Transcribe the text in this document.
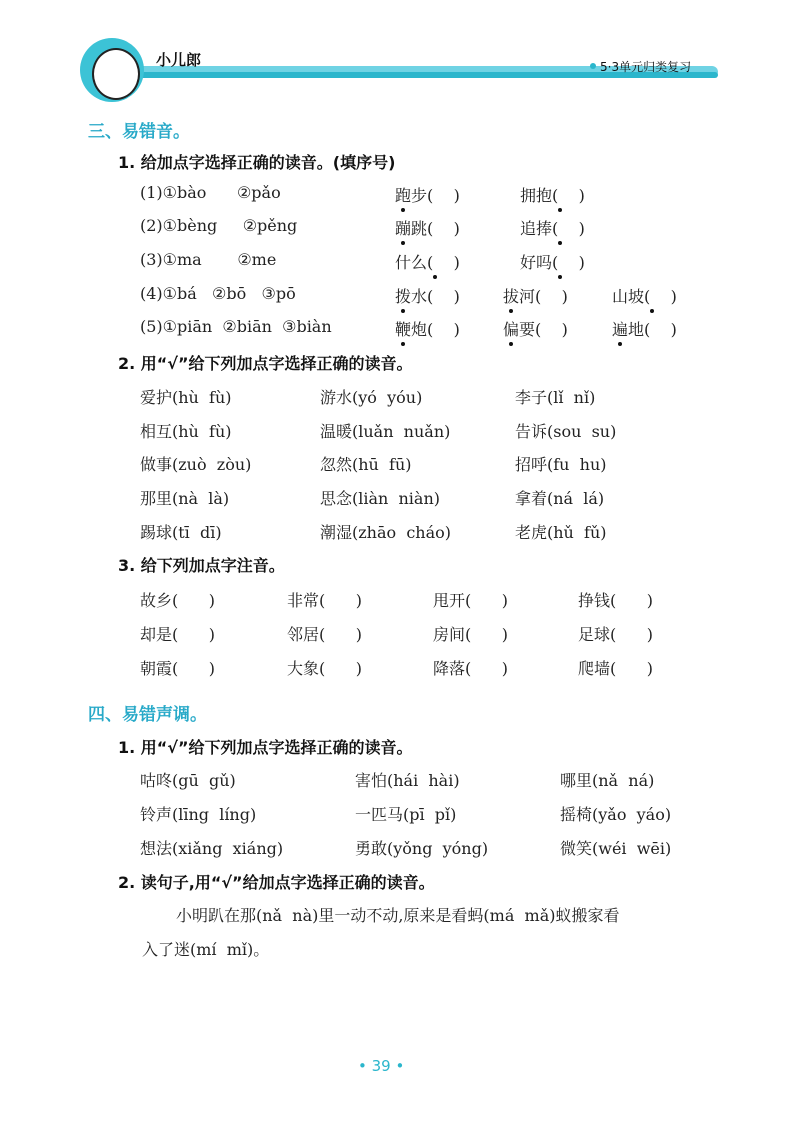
小儿郎	5·3单元归类复习
三、易错音。
1. 给加点字选择正确的读音。(填序号)
(1)①bào      ②pǎo	跑步(    )	拥抱(    )
(2)①bèng     ②pěng	蹦跳(    )	追捧(    )
(3)①ma       ②me	什么(    )	好吗(    )
(4)①bá   ②bō   ③pō	拨水(    )	拔河(    )	山坡(    )
(5)①piān  ②biān  ③biàn	鞭炮(    )	偏要(    )	遍地(    )
2. 用“√”给下列加点字选择正确的读音。
爱护(hù  fù)	游水(yó  yóu)	李子(lǐ  nǐ)
相互(hù  fù)	温暖(luǎn  nuǎn)	告诉(sou  su)
做事(zuò  zòu)	忽然(hū  fū)	招呼(fu  hu)
那里(nà  là)	思念(liàn  niàn)	拿着(ná  lá)
踢球(tī  dī)	潮湿(zhāo  cháo)	老虎(hǔ  fǔ)
3. 给下列加点字注音。
故乡(      )	非常(      )	甩开(      )	挣钱(      )
却是(      )	邻居(      )	房间(      )	足球(      )
朝霞(      )	大象(      )	降落(      )	爬墙(      )
四、易错声调。
1. 用“√”给下列加点字选择正确的读音。
咕咚(gū  gǔ)	害怕(hái  hài)	哪里(nǎ  ná)
铃声(līng  líng)	一匹马(pī  pǐ)	摇椅(yǎo  yáo)
想法(xiǎng  xiáng)	勇敢(yǒng  yóng)	微笑(wéi  wēi)
2. 读句子,用“√”给加点字选择正确的读音。
小明趴在那(nǎ  nà)里一动不动,原来是看蚂(má  mǎ)蚁搬家看
入了迷(mí  mǐ)。
• 39 •
